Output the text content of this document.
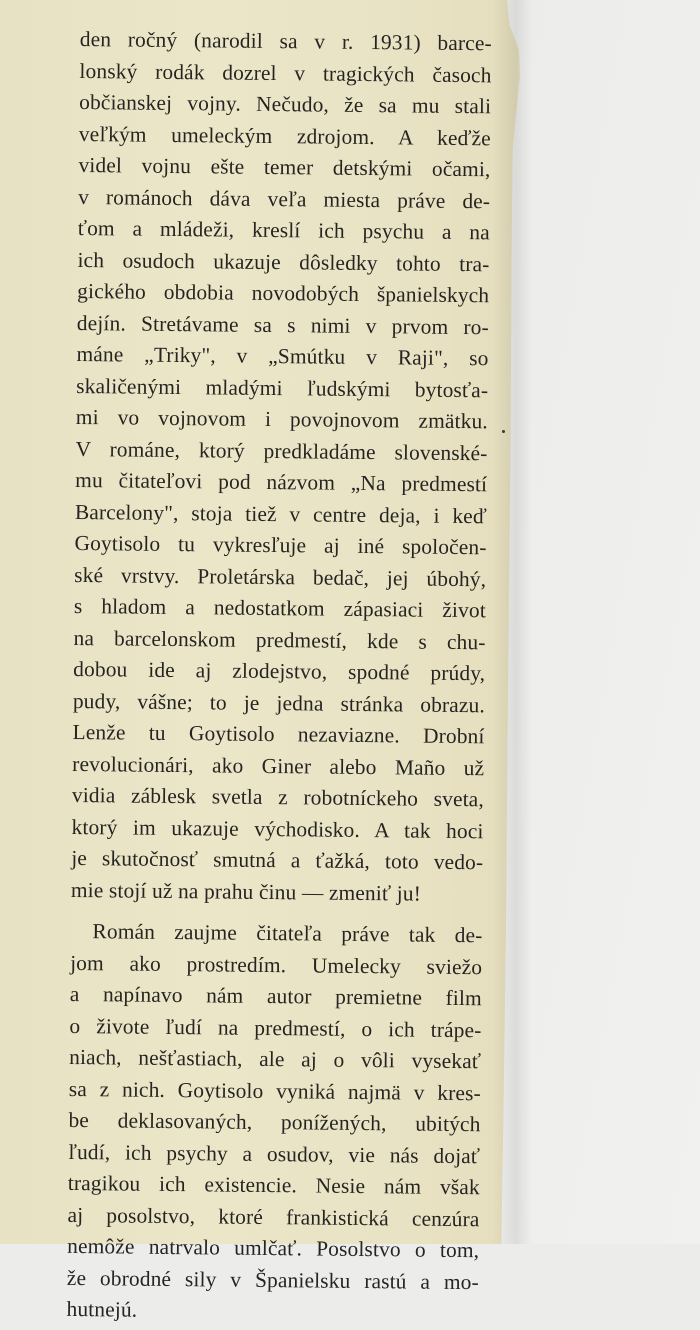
den ročný (narodil sa v r. 1931) barce-
lonský rodák dozrel v tragických časoch
občianskej vojny. Nečudo, že sa mu stali
veľkým umeleckým zdrojom. A keďže
videl vojnu ešte temer detskými očami,
v románoch dáva veľa miesta práve de-
ťom a mládeži, kreslí ich psychu a na
ich osudoch ukazuje dôsledky tohto tra-
gického obdobia novodobých španielskych
dejín. Stretávame sa s nimi v prvom ro-
máne „Triky", v „Smútku v Raji", so
skaličenými mladými ľudskými bytosťa-
mi vo vojnovom i povojnovom zmätku.
V románe, ktorý predkladáme slovenské-
mu čitateľovi pod názvom „Na predmestí
Barcelony", stoja tiež v centre deja, i keď
Goytisolo tu vykresľuje aj iné spoločen-
ské vrstvy. Proletárska bedač, jej úbohý,
s hladom a nedostatkom zápasiaci život
na barcelonskom predmestí, kde s chu-
dobou ide aj zlodejstvo, spodné prúdy,
pudy, vášne; to je jedna stránka obrazu.
Lenže tu Goytisolo nezaviazne. Drobní
revolucionári, ako Giner alebo Maño už
vidia záblesk svetla z robotníckeho sveta,
ktorý im ukazuje východisko. A tak hoci
je skutočnosť smutná a ťažká, toto vedo-
mie stojí už na prahu činu — zmeniť ju!
Román zaujme čitateľa práve tak de-
jom ako prostredím. Umelecky sviežo
a napínavo nám autor premietne film
o živote ľudí na predmestí, o ich trápe-
niach, nešťastiach, ale aj o vôli vysekať
sa z nich. Goytisolo vyniká najmä v kres-
be deklasovaných, ponížených, ubitých
ľudí, ich psychy a osudov, vie nás dojať
tragikou ich existencie. Nesie nám však
aj posolstvo, ktoré frankistická cenzúra
nemôže natrvalo umlčať. Posolstvo o tom,
že obrodné sily v Španielsku rastú a mo-
hutnejú.
